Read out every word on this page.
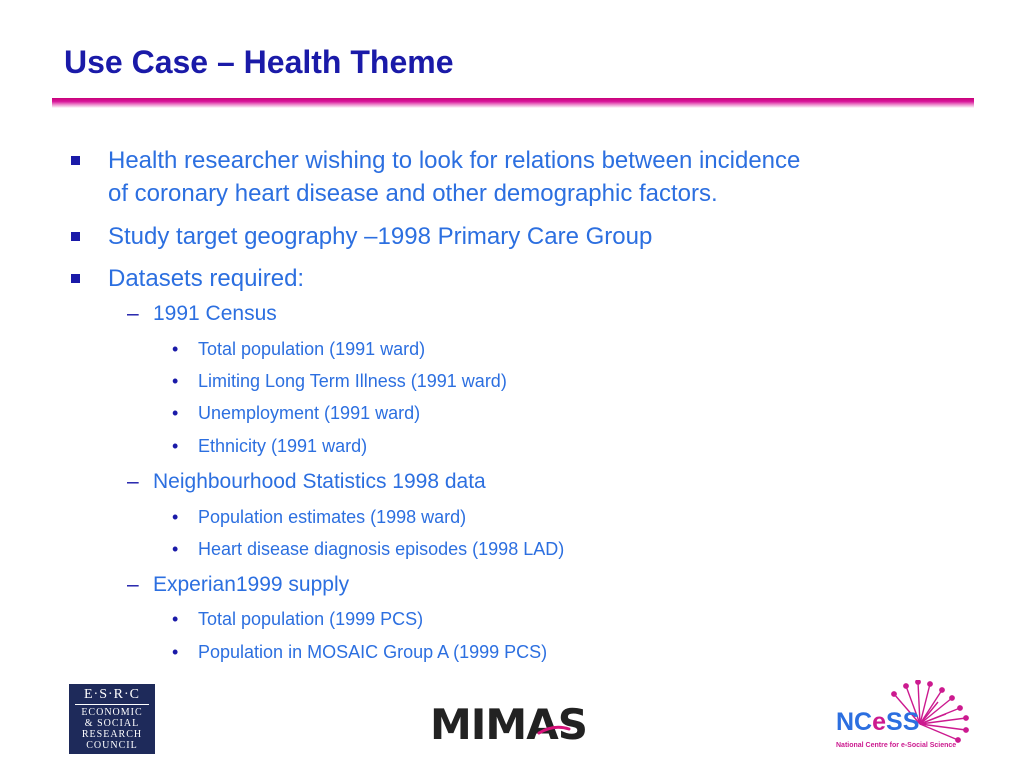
Use Case – Health Theme
Health researcher wishing to look for relations between incidence
of coronary heart disease and other demographic factors.
Study target geography –1998 Primary Care Group
Datasets required:
– 1991 Census
• Total population (1991 ward)
• Limiting Long Term Illness (1991 ward)
• Unemployment (1991 ward)
• Ethnicity (1991 ward)
– Neighbourhood Statistics 1998 data
• Population estimates (1998 ward)
• Heart disease diagnosis episodes (1998 LAD)
– Experian1999 supply
• Total population (1999 PCS)
• Population in MOSAIC Group A (1999 PCS)
E·S·R·C
ECONOMIC
& SOCIAL
RESEARCH
COUNCIL	MIMAS	NCeSS
National Centre for e-Social Science
